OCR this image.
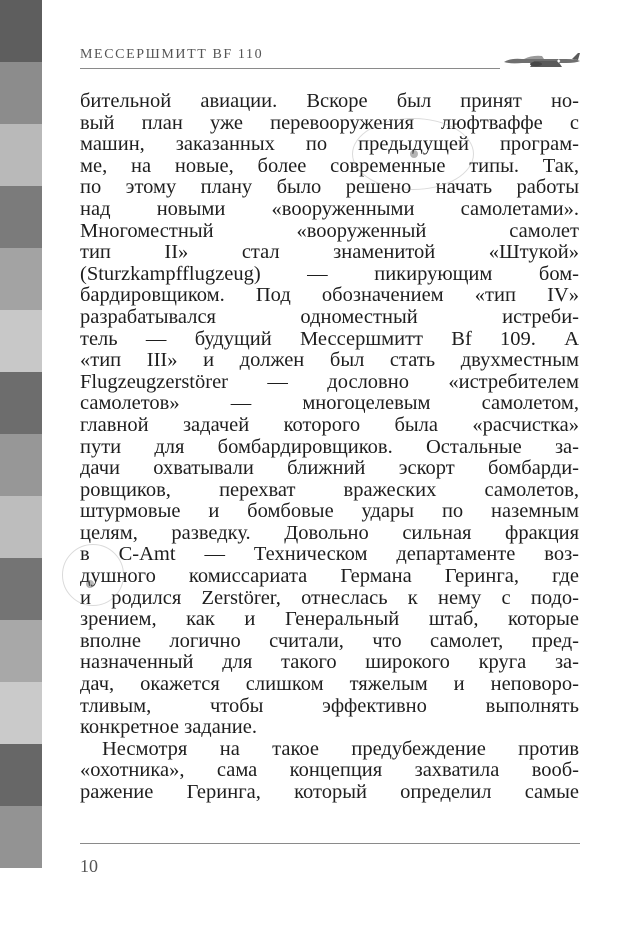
МЕССЕРШМИТТ BF 110
бительной авиации. Вскоре был принят но-
вый план уже перевооружения люфтваффе с
машин, заказанных по предыдущей програм-
ме, на новые, более современные типы. Так,
по этому плану было решено начать работы
над новыми «вооруженными самолетами».
Многоместный «вооруженный самолет
тип II» стал знаменитой «Штукой»
(Sturzkampfflugzeug) — пикирующим бом-
бардировщиком. Под обозначением «тип IV»
разрабатывался одноместный истреби-
тель — будущий Мессершмитт Bf 109. А
«тип III» и должен был стать двухместным
Flugzeugzerstörer — дословно «истребителем
самолетов» — многоцелевым самолетом,
главной задачей которого была «расчистка»
пути для бомбардировщиков. Остальные за-
дачи охватывали ближний эскорт бомбарди-
ровщиков, перехват вражеских самолетов,
штурмовые и бомбовые удары по наземным
целям, разведку. Довольно сильная фракция
в C-Amt — Техническом департаменте воз-
душного комиссариата Германа Геринга, где
и родился Zerstörer, отнеслась к нему с подо-
зрением, как и Генеральный штаб, которые
вполне логично считали, что самолет, пред-
назначенный для такого широкого круга за-
дач, окажется слишком тяжелым и неповоро-
тливым, чтобы эффективно выполнять
конкретное задание.
Несмотря на такое предубеждение против
«охотника», сама концепция захватила вооб-
ражение Геринга, который определил самые
10
